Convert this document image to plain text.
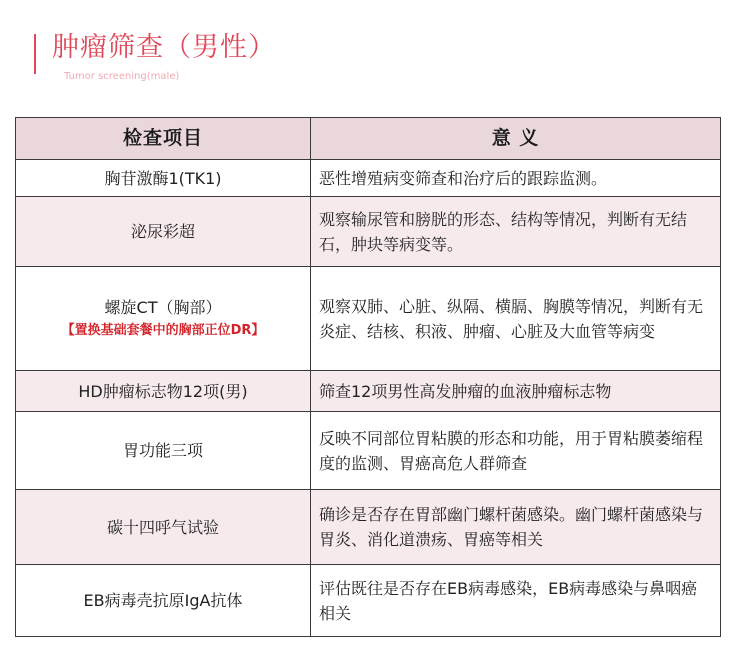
肿瘤筛查（男性）
Tumor screening(male)
检查项目	意 义
胸苷激酶1(TK1)	恶性增殖病变筛查和治疗后的跟踪监测。
泌尿彩超	观察输尿管和膀胱的形态、结构等情况，判断有无结石，肿块等病变等。
螺旋CT（胸部）
【置换基础套餐中的胸部正位DR】	观察双肺、心脏、纵隔、横膈、胸膜等情况，判断有无炎症、结核、积液、肿瘤、心脏及大血管等病变
HD肿瘤标志物12项(男)	筛查12项男性高发肿瘤的血液肿瘤标志物
胃功能三项	反映不同部位胃粘膜的形态和功能，用于胃粘膜萎缩程度的监测、胃癌高危人群筛查
碳十四呼气试验	确诊是否存在胃部幽门螺杆菌感染。幽门螺杆菌感染与胃炎、消化道溃疡、胃癌等相关
EB病毒壳抗原IgA抗体	评估既往是否存在EB病毒感染，EB病毒感染与鼻咽癌相关
